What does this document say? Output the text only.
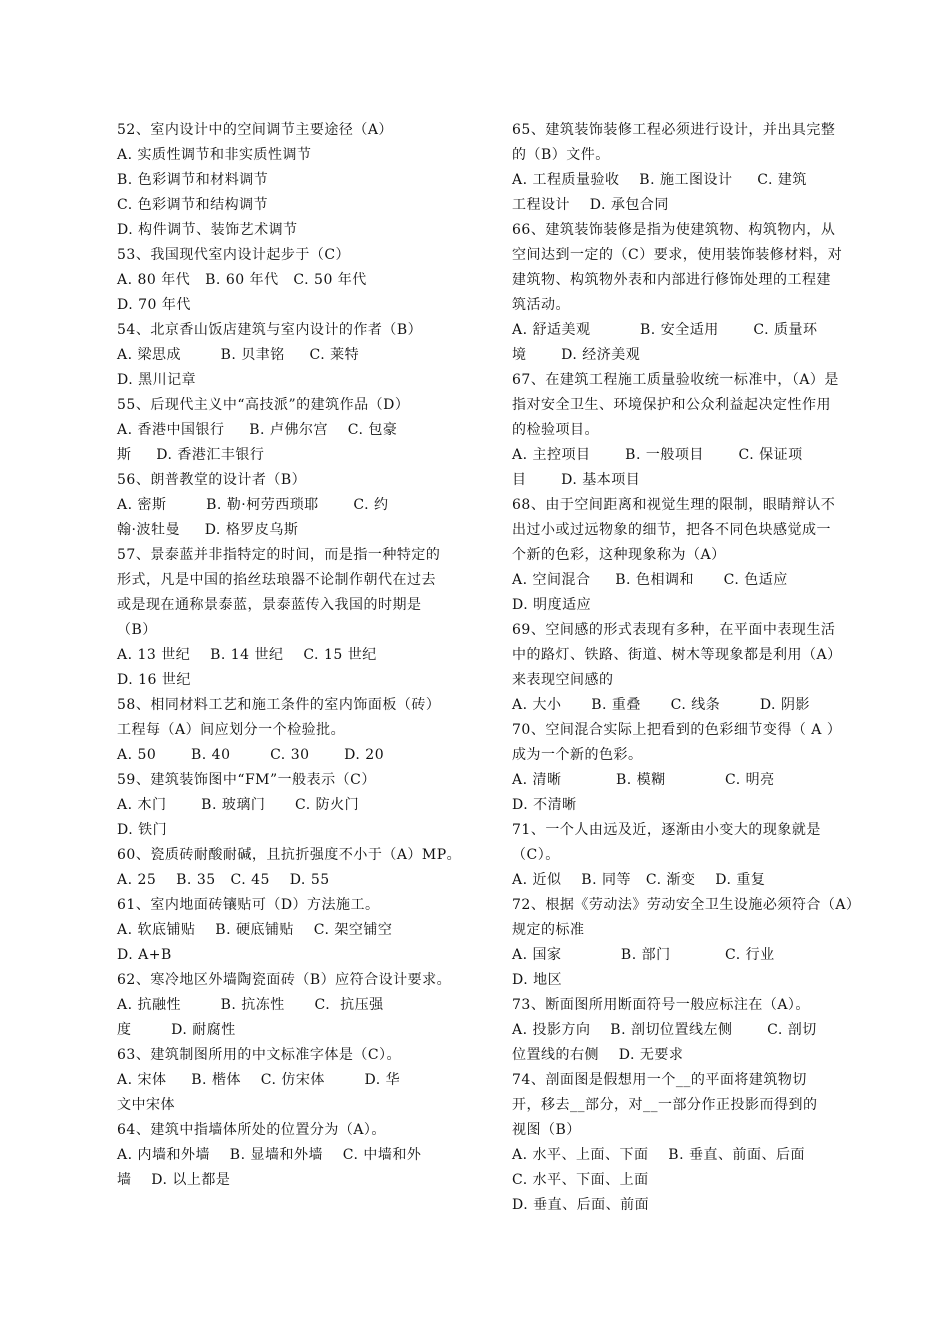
52、室内设计中的空间调节主要途径（A）
A. 实质性调节和非实质性调节
B. 色彩调节和材料调节
C. 色彩调节和结构调节
D. 构件调节、装饰艺术调节
53、我国现代室内设计起步于（C）
A. 80 年代   B. 60 年代   C. 50 年代
D. 70 年代
54、北京香山饭店建筑与室内设计的作者（B）
A. 梁思成        B. 贝聿铭     C. 莱特
D. 黑川记章
55、后现代主义中“高技派”的建筑作品（D）
A. 香港中国银行     B. 卢佛尔宫    C. 包豪
斯     D. 香港汇丰银行
56、朗普教堂的设计者（B）
A. 密斯        B. 勒·柯劳西琐耶       C. 约
翰·波牡曼     D. 格罗皮乌斯
57、景泰蓝并非指特定的时间，而是指一种特定的
形式，凡是中国的掐丝珐琅器不论制作朝代在过去
或是现在通称景泰蓝，景泰蓝传入我国的时期是
（B）
A. 13 世纪    B. 14 世纪    C. 15 世纪
D. 16 世纪
58、相同材料工艺和施工条件的室内饰面板（砖）
工程每（A）间应划分一个检验批。
A. 50       B. 40        C. 30       D. 20
59、建筑装饰图中“FM”一般表示（C）
A. 木门       B. 玻璃门      C. 防火门
D. 铁门
60、瓷质砖耐酸耐碱，且抗折强度不小于（A）MP。
A. 25    B. 35   C. 45    D. 55
61、室内地面砖镶贴可（D）方法施工。
A. 软底铺贴    B. 硬底铺贴    C. 架空铺空
D. A+B
62、寒冷地区外墙陶瓷面砖（B）应符合设计要求。
A. 抗融性        B. 抗冻性      C.  抗压强
度        D. 耐腐性
63、建筑制图所用的中文标准字体是（C）。
A. 宋体     B. 楷体    C. 仿宋体        D. 华
文中宋体
64、建筑中指墙体所处的位置分为（A）。
A. 内墙和外墙    B. 显墙和外墙    C. 中墙和外
墙    D. 以上都是
65、建筑装饰装修工程必须进行设计，并出具完整
的（B）文件。
A. 工程质量验收    B. 施工图设计     C. 建筑
工程设计    D. 承包合同
66、建筑装饰装修是指为使建筑物、构筑物内，从
空间达到一定的（C）要求，使用装饰装修材料，对
建筑物、构筑物外表和内部进行修饰处理的工程建
筑活动。
A. 舒适美观          B. 安全适用       C. 质量环
境       D. 经济美观
67、在建筑工程施工质量验收统一标准中，（A）是
指对安全卫生、环境保护和公众利益起决定性作用
的检验项目。
A. 主控项目       B. 一般项目       C. 保证项
目       D. 基本项目
68、由于空间距离和视觉生理的限制，眼睛辩认不
出过小或过远物象的细节，把各不同色块感觉成一
个新的色彩，这种现象称为（A）
A. 空间混合     B. 色相调和      C. 色适应
D. 明度适应
69、空间感的形式表现有多种，在平面中表现生活
中的路灯、铁路、街道、树木等现象都是利用（A）
来表现空间感的
A. 大小      B. 重叠      C. 线条        D. 阴影
70、空间混合实际上把看到的色彩细节变得（ A ）
成为一个新的色彩。
A. 清晰           B. 模糊            C. 明亮
D. 不清晰
71、一个人由远及近，逐渐由小变大的现象就是
（C）。
A. 近似    B. 同等   C. 渐变    D. 重复
72、根据《劳动法》劳动安全卫生设施必须符合（A）
规定的标准
A. 国家            B. 部门           C. 行业
D. 地区
73、断面图所用断面符号一般应标注在（A）。
A. 投影方向    B. 剖切位置线左侧       C. 剖切
位置线的右侧    D. 无要求
74、剖面图是假想用一个__的平面将建筑物切
开，移去__部分，对__一部分作正投影而得到的
视图（B）
A. 水平、上面、下面    B. 垂直、前面、后面
C. 水平、下面、上面
D. 垂直、后面、前面
